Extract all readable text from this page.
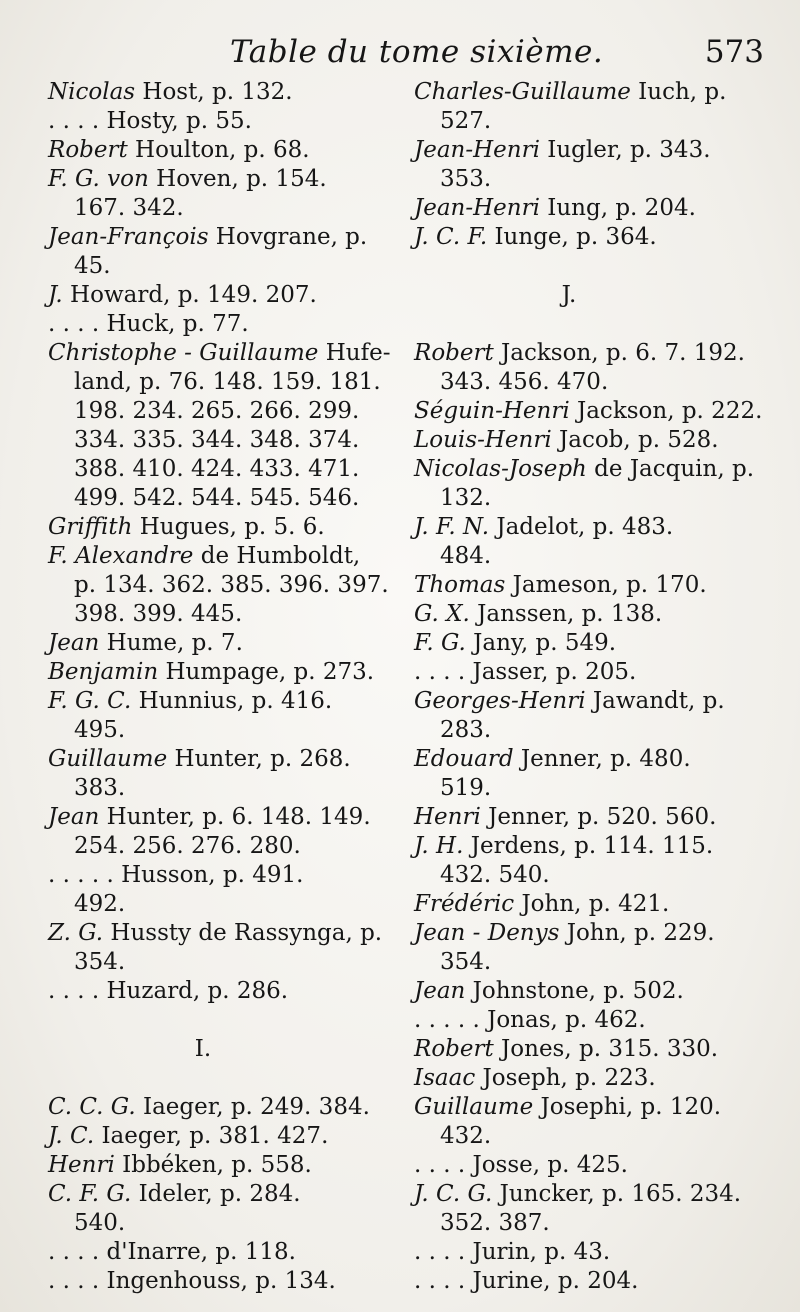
Table du tome sixième.	573
Nicolas Host, p. 132.
. . . . Hosty, p. 55.
Robert Houlton, p. 68.
F. G. von Hoven, p. 154.
167. 342.
Jean-François Hovgrane, p.
45.
J. Howard, p. 149. 207.
. . . . Huck, p. 77.
Christophe - Guillaume Hufe-
land, p. 76. 148. 159. 181.
198. 234. 265. 266. 299.
334. 335. 344. 348. 374.
388. 410. 424. 433. 471.
499. 542. 544. 545. 546.
Griffith Hugues, p. 5. 6.
F. Alexandre de Humboldt,
p. 134. 362. 385. 396. 397.
398. 399. 445.
Jean Hume, p. 7.
Benjamin Humpage, p. 273.
F. G. C. Hunnius, p. 416.
495.
Guillaume Hunter, p. 268.
383.
Jean Hunter, p. 6. 148. 149.
254. 256. 276. 280.
. . . . . Husson, p. 491.
492.
Z. G. Hussty de Rassynga, p.
354.
. . . . Huzard, p. 286.
I.
C. C. G. Iaeger, p. 249. 384.
J. C. Iaeger, p. 381. 427.
Henri Ibbéken, p. 558.
C. F. G. Ideler, p. 284.
540.
. . . . d'Inarre, p. 118.
. . . . Ingenhouss, p. 134.
Charles-Guillaume Iuch, p.
527.
Jean-Henri Iugler, p. 343.
353.
Jean-Henri Iung, p. 204.
J. C. F. Iunge, p. 364.
J.
Robert Jackson, p. 6. 7. 192.
343. 456. 470.
Séguin-Henri Jackson, p. 222.
Louis-Henri Jacob, p. 528.
Nicolas-Joseph de Jacquin, p.
132.
J. F. N. Jadelot, p. 483.
484.
Thomas Jameson, p. 170.
G. X. Janssen, p. 138.
F. G. Jany, p. 549.
. . . . Jasser, p. 205.
Georges-Henri Jawandt, p.
283.
Edouard Jenner, p. 480.
519.
Henri Jenner, p. 520. 560.
J. H. Jerdens, p. 114. 115.
432. 540.
Frédéric John, p. 421.
Jean - Denys John, p. 229.
354.
Jean Johnstone, p. 502.
. . . . . Jonas, p. 462.
Robert Jones, p. 315. 330.
Isaac Joseph, p. 223.
Guillaume Josephi, p. 120.
432.
. . . . Josse, p. 425.
J. C. G. Juncker, p. 165. 234.
352. 387.
. . . . Jurin, p. 43.
. . . . Jurine, p. 204.
